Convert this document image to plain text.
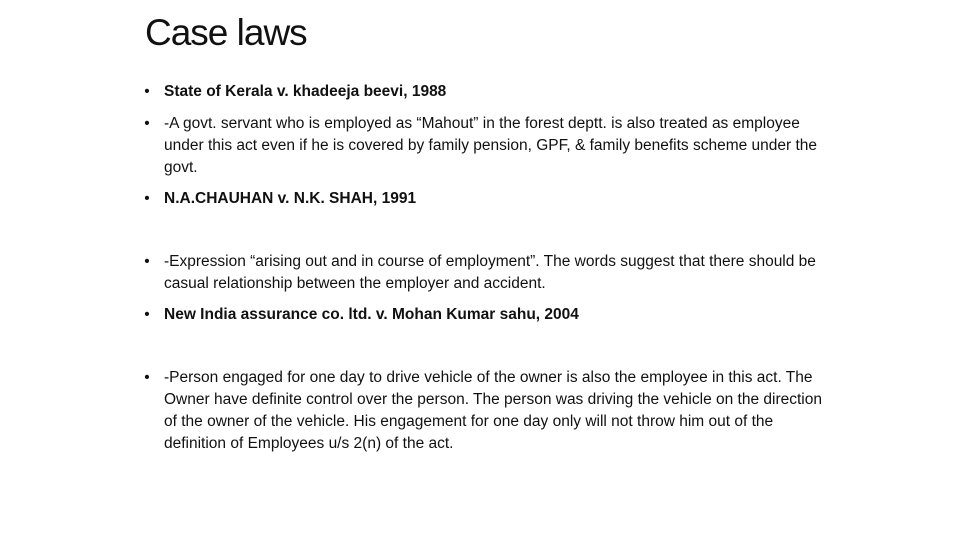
Case laws
• State of Kerala v. khadeeja beevi, 1988
• -A govt. servant who is employed as “Mahout” in the forest deptt. is also treated as employee under this act even if he is covered by family pension, GPF, & family benefits scheme under the govt.
• N.A.CHAUHAN v. N.K. SHAH, 1991
• -Expression “arising out and in course of employment”. The words suggest that there should be casual relationship between the employer and accident.
• New India assurance co. ltd. v. Mohan Kumar sahu, 2004
• -Person engaged for one day to drive vehicle of the owner is also the employee in this act. The Owner have definite control over the person. The person was driving the vehicle on the direction of the owner of the vehicle. His engagement for one day only will not throw him out of the definition of Employees u/s 2(n) of the act.
